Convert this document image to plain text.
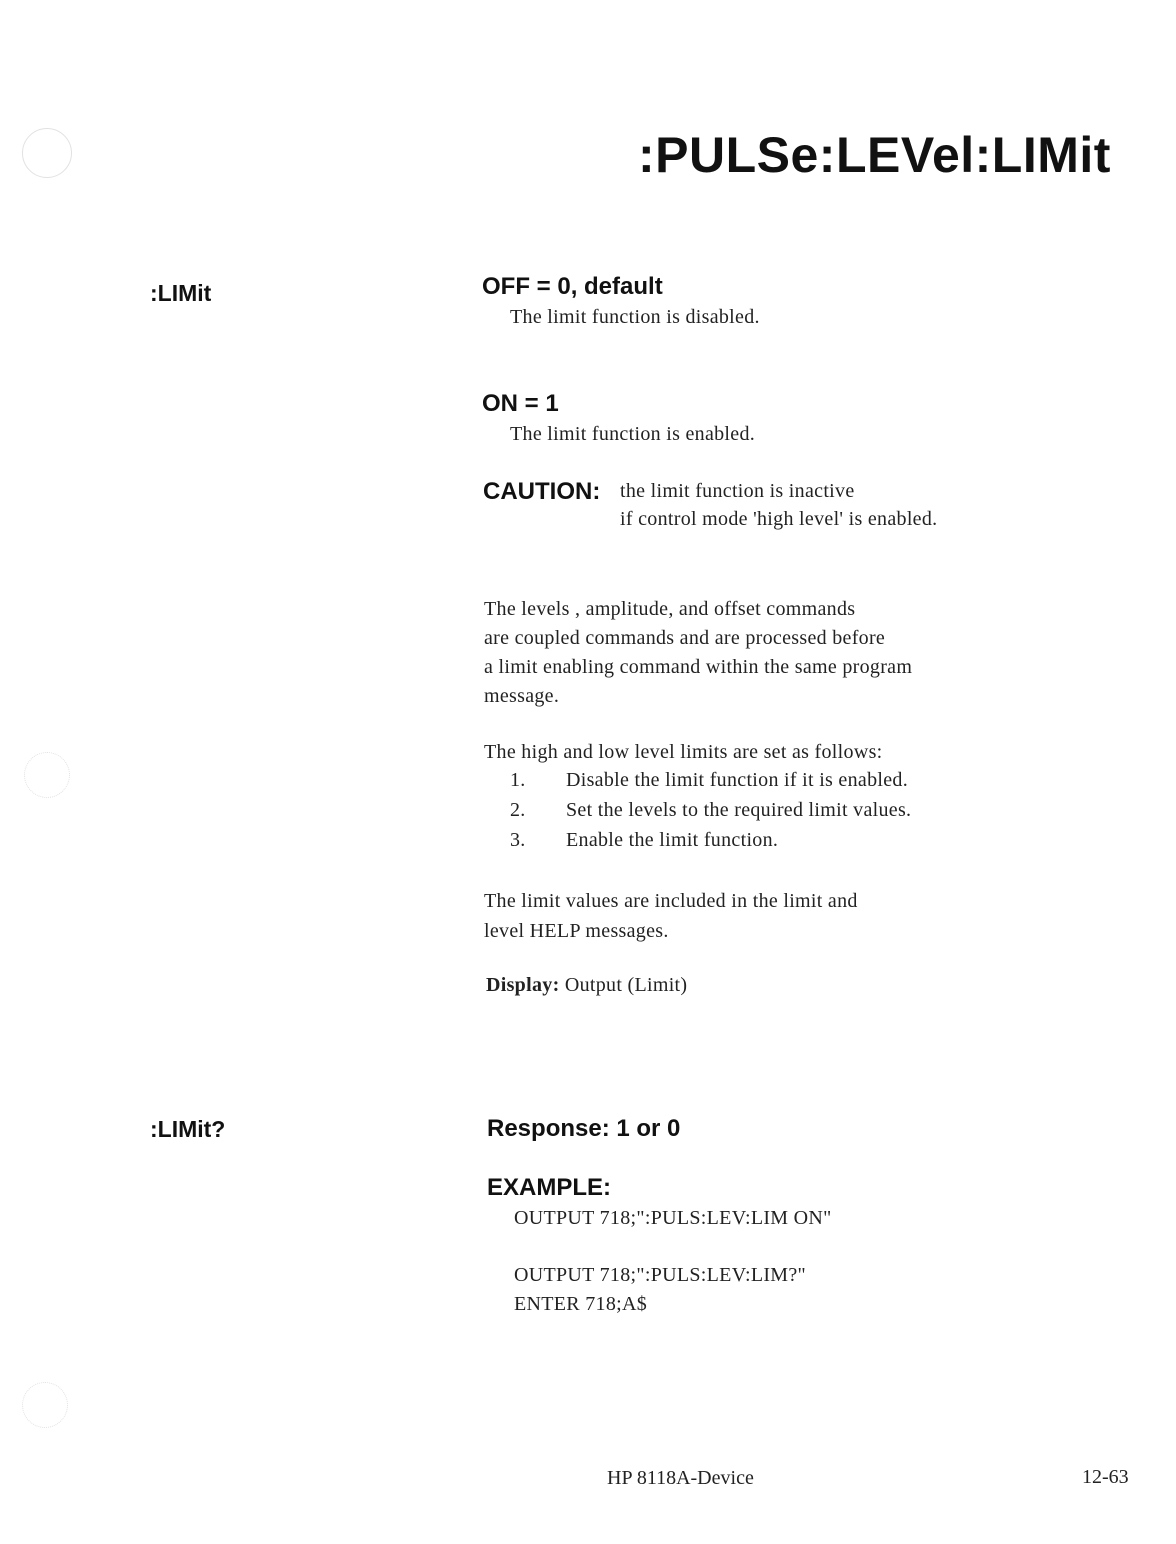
:PULSe:LEVel:LIMit
:LIMit	OFF = 0, default
The limit function is disabled.
ON = 1
The limit function is enabled.
CAUTION: the limit function is inactive
if control mode 'high level' is enabled.
The levels , amplitude, and offset commands
are coupled commands and are processed before
a limit enabling command within the same program
message.
The high and low level limits are set as follows:
1. Disable the limit function if it is enabled.
2. Set the levels to the required limit values.
3. Enable the limit function.
The limit values are included in the limit and
level HELP messages.
Display: Output (Limit)
:LIMit?	Response: 1 or 0
EXAMPLE:
OUTPUT 718;":PULS:LEV:LIM ON"
OUTPUT 718;":PULS:LEV:LIM?"
ENTER 718;A$
HP 8118A-Device	12-63
